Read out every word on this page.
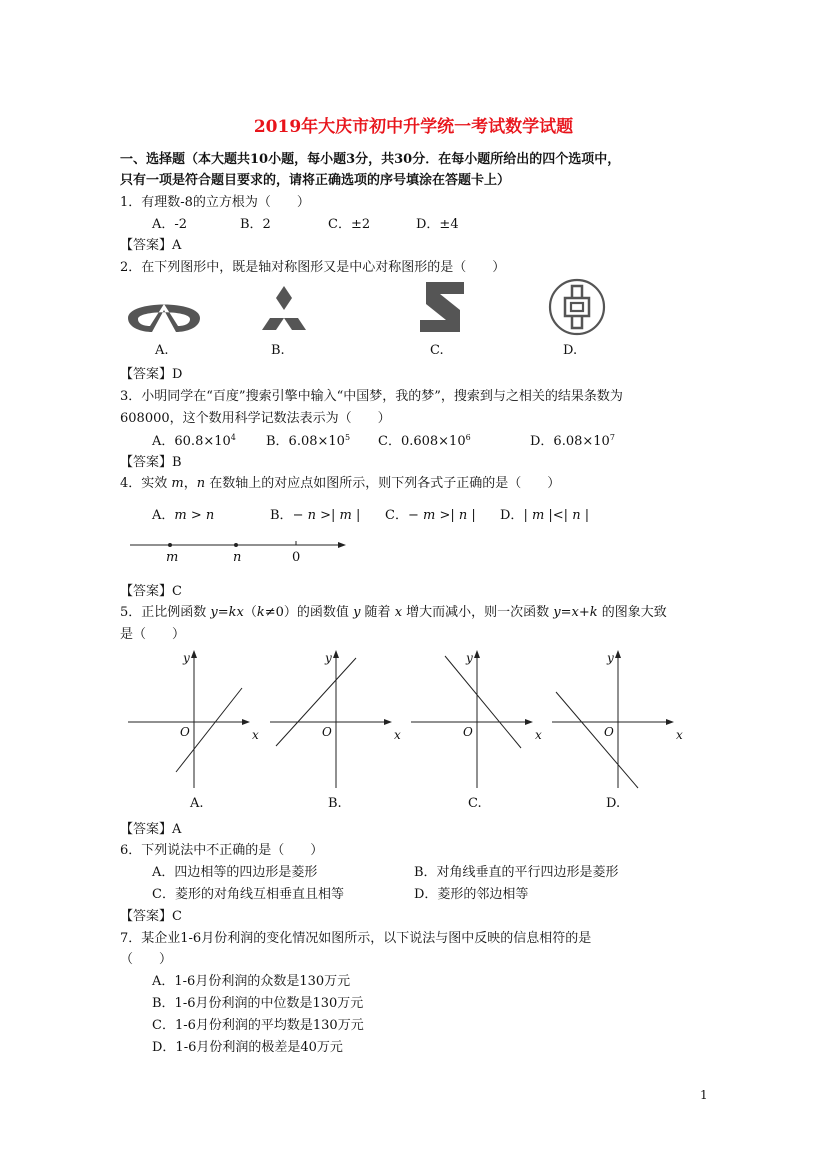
2019年大庆市初中升学统一考试数学试题
一、选择题（本大题共10小题，每小题3分，共30分．在每小题所给出的四个选项中，
只有一项是符合题目要求的，请将正确选项的序号填涂在答题卡上）
1．有理数-8的立方根为（　　）
A．-2	B．2	C．±2	D．±4
【答案】A
2．在下列图形中，既是轴对称图形又是中心对称图形的是（　　）
A.	B.	C.	D.
【答案】D
3．小明同学在“百度”搜索引擎中输入“中国梦，我的梦”，搜索到与之相关的结果条数为
608000，这个数用科学记数法表示为（　　）
A．$60.8\times 10^4$ B．$6.08\times 10^5$ C．$0.608\times 10^6$	D．$6.08\times 10^7$
【答案】B
4．实效 m，n 在数轴上的对应点如图所示，则下列各式子正确的是（　　）
A．m > n	B．− n >| m | C．− m >| n | D．| m |<| n |
m	n	0
【答案】C
5．正比例函数 y=kx（k≠0）的函数值 y 随着 x 增大而减小，则一次函数 y=x+k 的图象大致
是（　　）
y
O	x
y
O	x
y
O	x
y
O	x
A.	B.	C.	D.
【答案】A
6．下列说法中不正确的是（　　）
A．四边相等的四边形是菱形	B．对角线垂直的平行四边形是菱形
C．菱形的对角线互相垂直且相等	D．菱形的邻边相等
【答案】C
7．某企业1-6月份利润的变化情况如图所示，以下说法与图中反映的信息相符的是
（　　）
A．1-6月份利润的众数是130万元
B．1-6月份利润的中位数是130万元
C．1-6月份利润的平均数是130万元
D．1-6月份利润的极差是40万元
1
